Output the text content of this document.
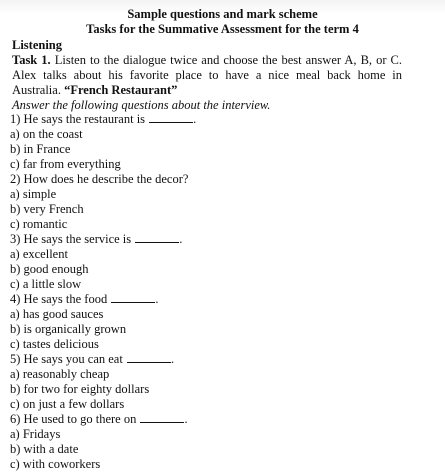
Sample questions and mark scheme
Tasks for the Summative Assessment for the term 4
Listening
Task 1. Listen to the dialogue twice and choose the best answer A, B, or C. Alex talks about his favorite place to have a nice meal back home in Australia. “French Restaurant”
Answer the following questions about the interview.
1) He says the restaurant is	.
a) on the coast
b) in France
c) far from everything
2) How does he describe the decor?
a) simple
b) very French
c) romantic
3) He says the service is	.
a) excellent
b) good enough
c) a little slow
4) He says the food	.
a) has good sauces
b) is organically grown
c) tastes delicious
5) He says you can eat	.
a) reasonably cheap
b) for two for eighty dollars
c) on just a few dollars
6) He used to go there on	.
a) Fridays
b) with a date
c) with coworkers
